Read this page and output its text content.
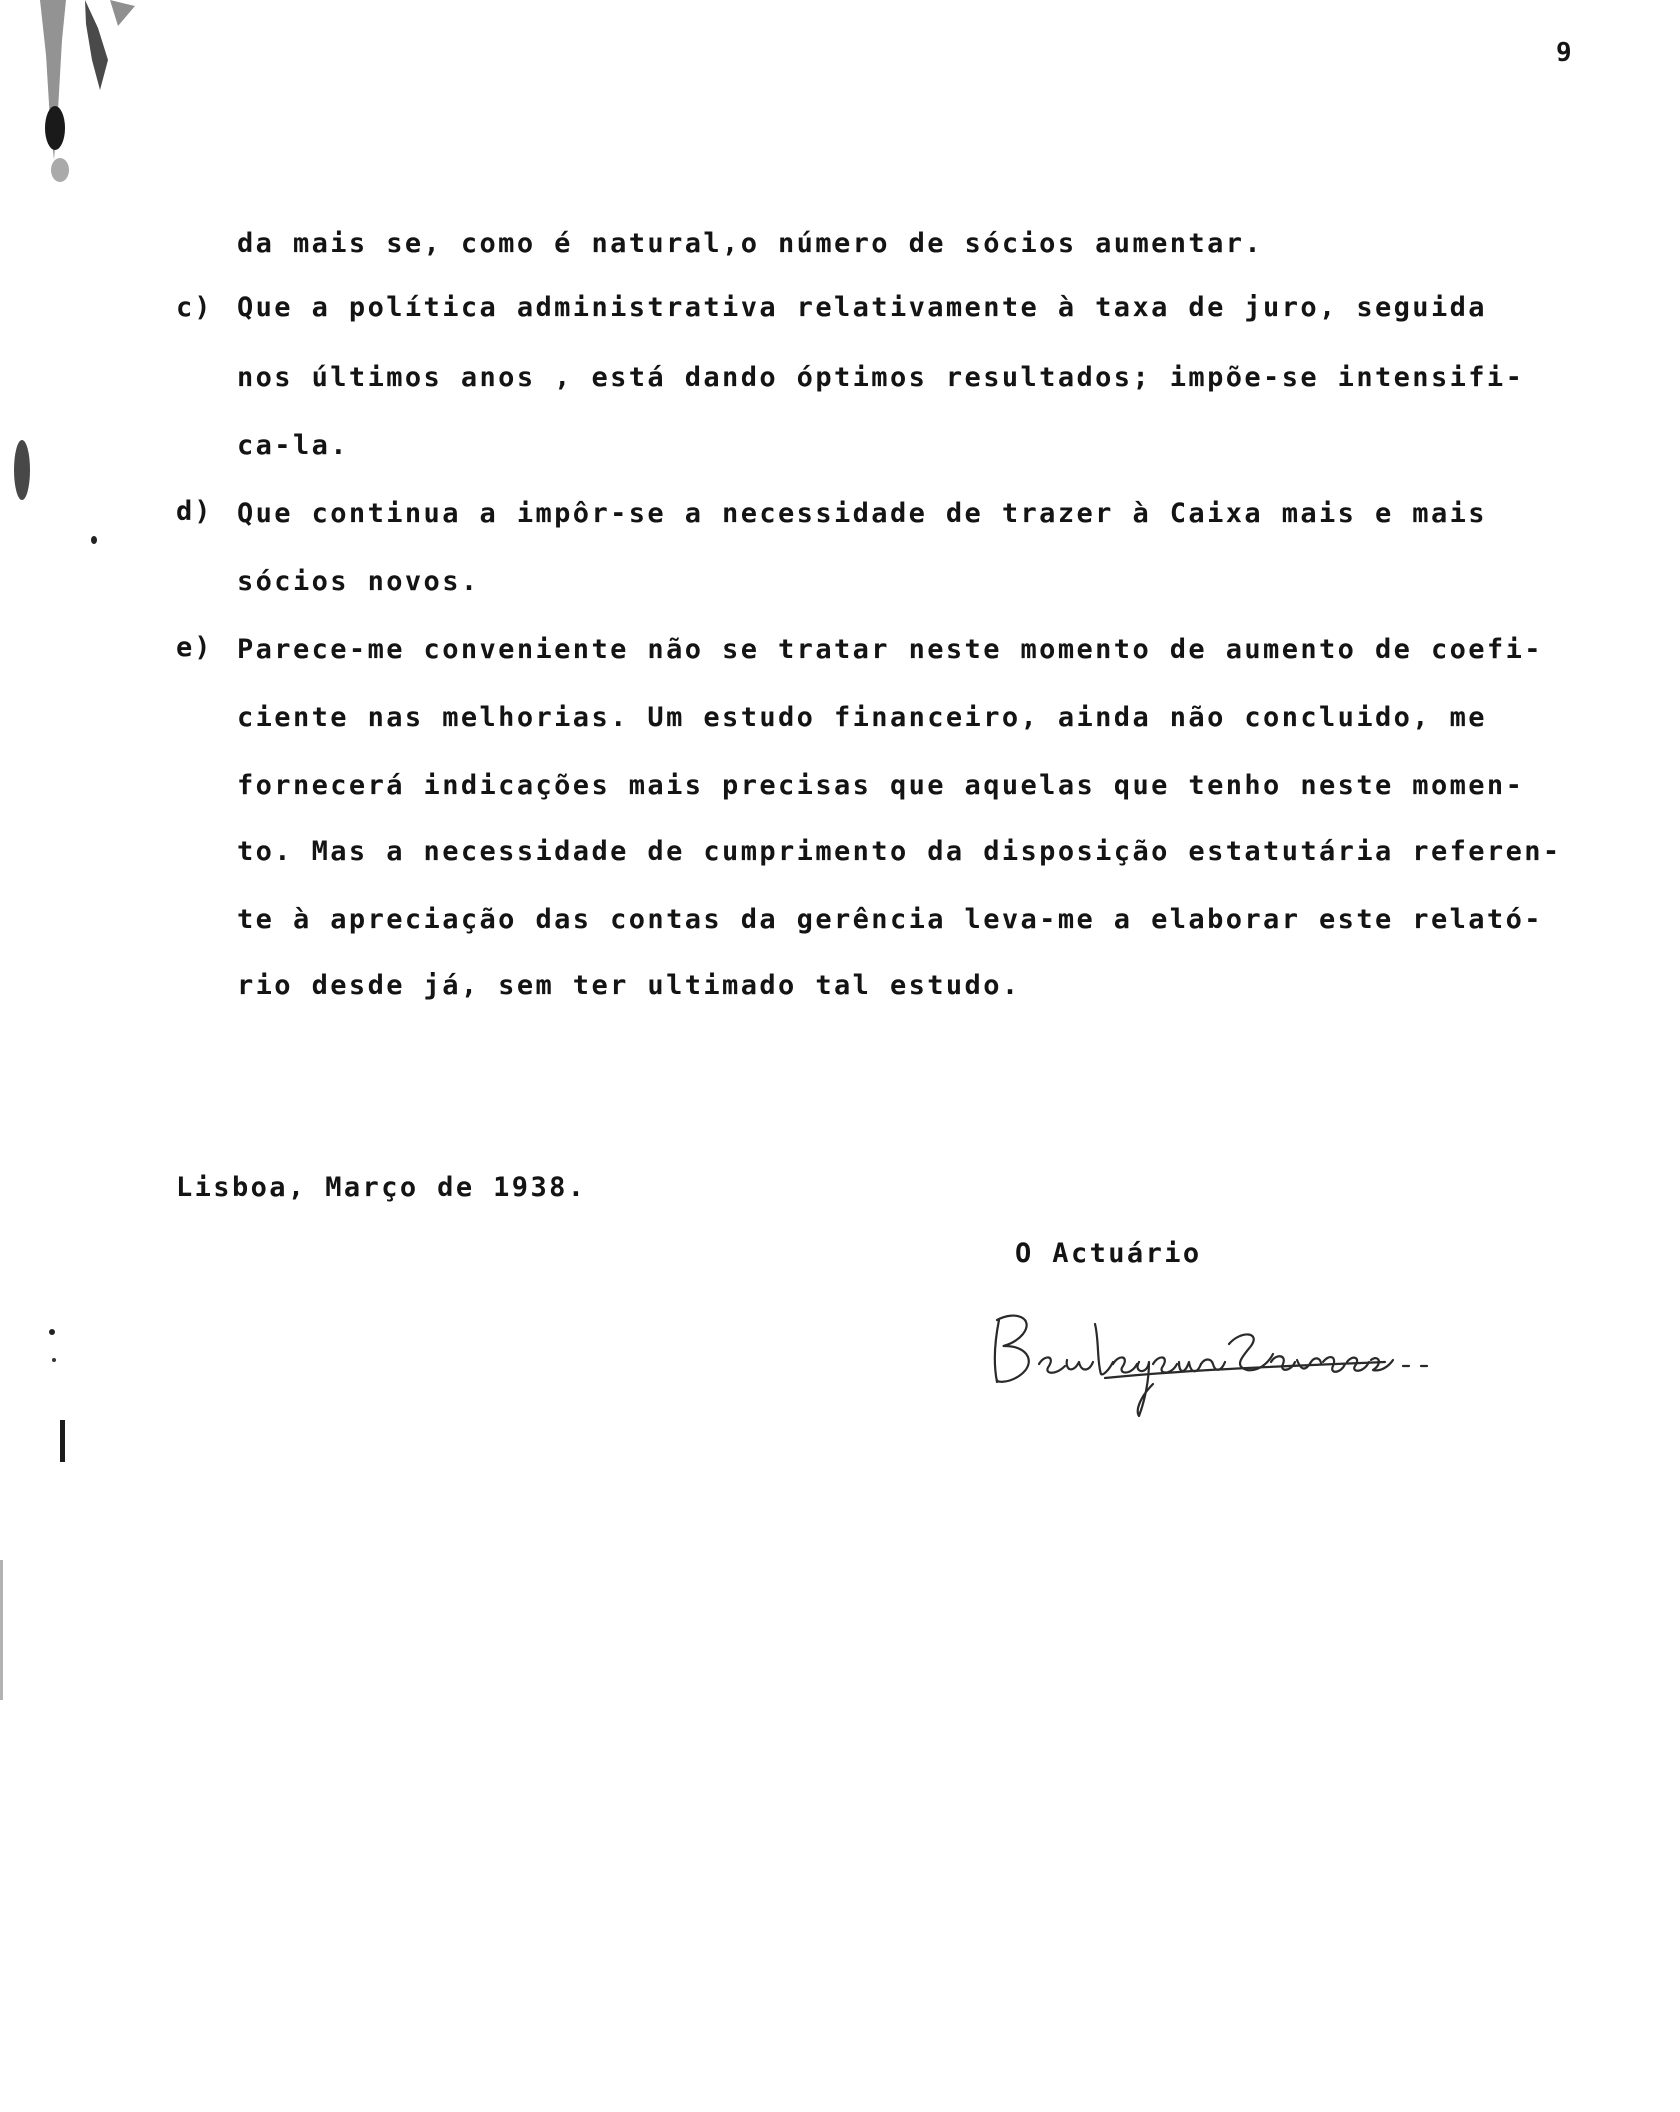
9
da mais se, como é natural,o número de sócios aumentar.
c) Que a política administrativa relativamente à taxa de juro, seguida
nos últimos anos , está dando óptimos resultados; impõe-se intensifi-
ca-la.
d) Que continua a impôr-se a necessidade de trazer à Caixa mais e mais
sócios novos.
e) Parece-me conveniente não se tratar neste momento de aumento de coefi-
ciente nas melhorias. Um estudo financeiro, ainda não concluido, me
fornecerá indicações mais precisas que aquelas que tenho neste momen-
to. Mas a necessidade de cumprimento da disposição estatutária referen-
te à apreciação das contas da gerência leva-me a elaborar este relató-
rio desde já, sem ter ultimado tal estudo.
Lisboa, Março de 1938.
O Actuário
